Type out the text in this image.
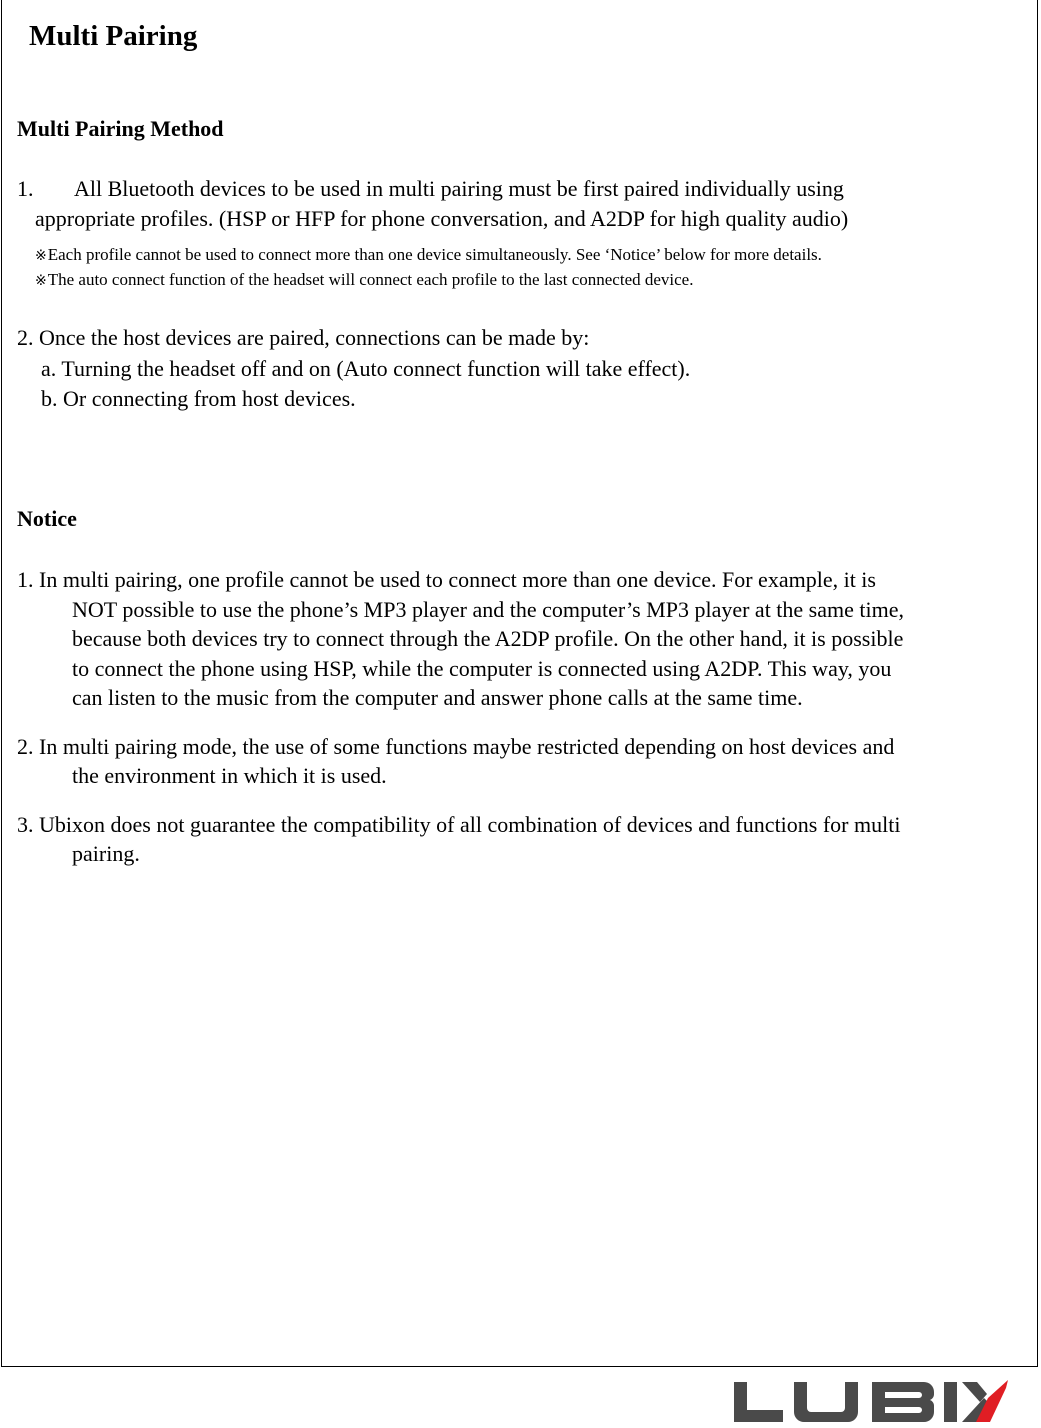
Multi Pairing
Multi Pairing Method
1. All Bluetooth devices to be used in multi pairing must be first paired individually using
appropriate profiles. (HSP or HFP for phone conversation, and A2DP for high quality audio)
※Each profile cannot be used to connect more than one device simultaneously. See ‘Notice’ below for more details.
※The auto connect function of the headset will connect each profile to the last connected device.
2. Once the host devices are paired, connections can be made by:
a. Turning the headset off and on (Auto connect function will take effect).
b. Or connecting from host devices.
Notice
1. In multi pairing, one profile cannot be used to connect more than one device. For example, it is
NOT possible to use the phone’s MP3 player and the computer’s MP3 player at the same time,
because both devices try to connect through the A2DP profile. On the other hand, it is possible
to connect the phone using HSP, while the computer is connected using A2DP. This way, you
can listen to the music from the computer and answer phone calls at the same time.
2. In multi pairing mode, the use of some functions maybe restricted depending on host devices and
the environment in which it is used.
3. Ubixon does not guarantee the compatibility of all combination of devices and functions for multi
pairing.
LUBIX
